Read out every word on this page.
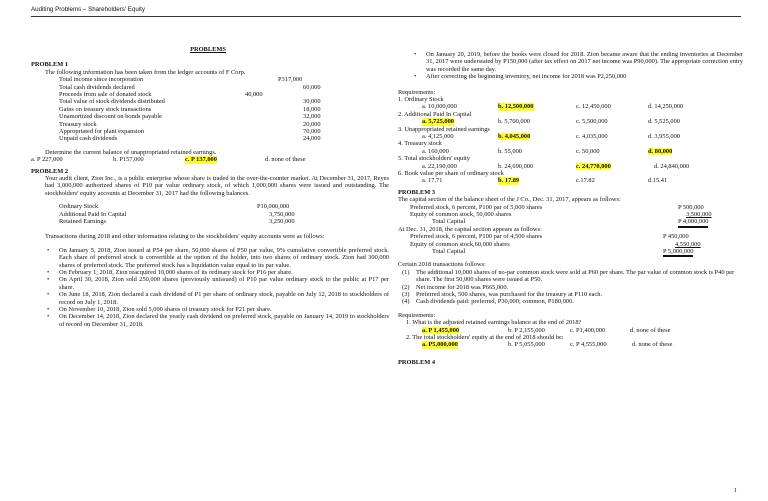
Auditing Problems – Shareholders' Equity

PROBLEMS

PROBLEM 1

The following information has been taken from the ledger accounts of F Corp.

Total income since incorporation	P317,000
Total cash dividends declared	60,000
Proceeds from sale of donated stock	40,000
Total value of stock dividends distributed	30,000
Gains on treasury stock transactions	18,000
Unamortized discount on bonds payable	32,000
Treasury stock	20,000
Appropriated for plant expansion	70,000
Unpaid cash dividends	24,000

Determine the current balance of unappropriated retained earnings.

a. P 227,000	b. P157,000	c. P 137,000	d. none of these

PROBLEM 2

Your audit client, Zion Inc., is a public enterprise whose share is traded in the over-the-counter market. At December 31, 2017, Reyes had 3,000,000 authorized shares of P10 par value ordinary stock, of which 1,000,000 shares were issued and outstanding. The stockholders' equity accounts at December 31, 2017 had the following balances.

Ordinary Stock	P10,000,000
Additional Paid In Capital	3,750,000
Retained Earnings	3,250,000

Transactions during 2018 and other information relating to the stockholders' equity accounts were as follows:

• On January 5, 2018, Zion issued at P54 per share, 50,000 shares of P50 par value, 9% cumulative convertible preferred stock. Each share of preferred stock is convertible at the option of the holder, into two shares of ordinary stock. Zion had 300,000 shares of preferred stock. The preferred stock has a liquidation value equal to its par value.
• On February 1, 2018, Zion reacquired 10,000 shares of its ordinary stock for P16 per share.
• On April 30, 2018, Zion sold 250,000 shares (previously unissued) of P10 par value ordinary stock to the public at P17 per share.
• On June 18, 2018, Zion declared a cash dividend of P1 per share of ordinary stock, payable on July 12, 2018 to stockholders of record on July 1, 2018.
• On November 10, 2018, Zion sold 5,000 shares of treasury stock for P21 per share.
• On December 14, 2018, Zion declared the yearly cash dividend on preferred stock, payable on January 14, 2019 to stockholders of record on December 31, 2018.
• On January 20, 2019, before the books were closed for 2018. Zion became aware that the ending inventories at December 31, 2017 were understated by P150,000 (after tax effect on 2017 net income was P90,000). The appropriate correction entry was recorded the same day.
• After correcting the beginning inventory, net income for 2018 was P2,250,000

Requirements:

1. Ordinary Stock
a. 10,000,000	b. 12,500,000	c. 12,450,000	d. 14,250,000
2. Additional Paid In Capital
a. 5,725,000	b. 5,700,000	c. 5,500,000	d. 5,525,000
3. Unappropriated retained earnings
a. 4,125,000	b. 4,045,000	c. 4,035,000	d. 3,955,000
4. Treasury stock
a. 160,000	b. 55,000	c. 50,000	d. 80,000
5. Total stockholders' equity
a. 22,190,000	b. 24,690,000	c. 24,770,000	d. 24,840,000
6. Book value per share of ordinary stock
a. 17.71	b. 17.89	c.17.82	d.15.41

PROBLEM 3

The capital section of the balance sheet of the J Co., Dec. 31, 2017, appears as follows:

Preferred stock, 6 percent, P100 par of 5,000 shares	P 500,000
Equity of common stock, 50,000 shares	3,500,000
Total Capital	P 4,000,000

At Dec. 31, 2018, the capital section appears as follows:

Preferred stock, 6 percent, P100 par of 4,500 shares	P 450,000
Equity of common stock,60,000 shares	4,550,000
Total Capital	P 5,000,000

Certain 2018 transactions follows:

(1) The additional 10,000 shares of no-par common stock were sold at P60 per share. The par value of common stock is P40 per share. The first 50,000 shares were issued at P50.
(2) Net income for 2018 was P665,000.
(3) Preferred stock, 500 shares, was purchased for the treasury at P110 each.
(4) Cash dividends paid: preferred, P30,000; common, P180,000.

Requirements:

1. What is the adjusted retained earnings balance at the end of 2018?

a. P 1,455,000	b. P 2,155,000	c. P1,400,000	d. none of these

2. The total stockholders' equity at the end of 2018 should be:

a. P5,000,000	b. P 5,055,000	c. P 4,555,000	d. none of these

PROBLEM 4

1
